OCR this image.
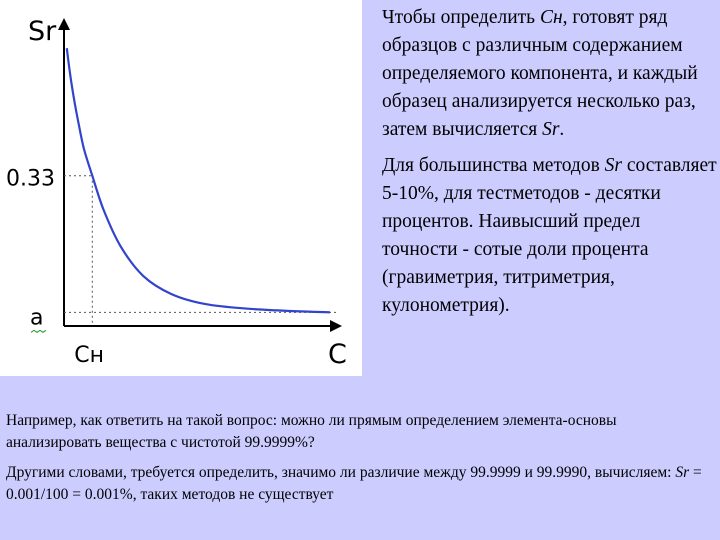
Sr
C
0.33
а
Cн

Чтобы определить Cн, готовят ряд образцов с различным содержанием определяемого компонента, и каждый образец анализируется несколько раз, затем вычисляется Sr.

Для большинства методов Sr составляет 5-10%, для тестметодов - десятки процентов. Наивысший предел точности - сотые доли процента (гравиметрия, титриметрия, кулонометрия).

Например, как ответить на такой вопрос: можно ли прямым определением элемента-основы анализировать вещества с чистотой 99.9999%?

Другими словами, требуется определить, значимо ли различие между 99.9999 и 99.9990, вычисляем: Sr = 0.001/100 = 0.001%, таких методов не существует
